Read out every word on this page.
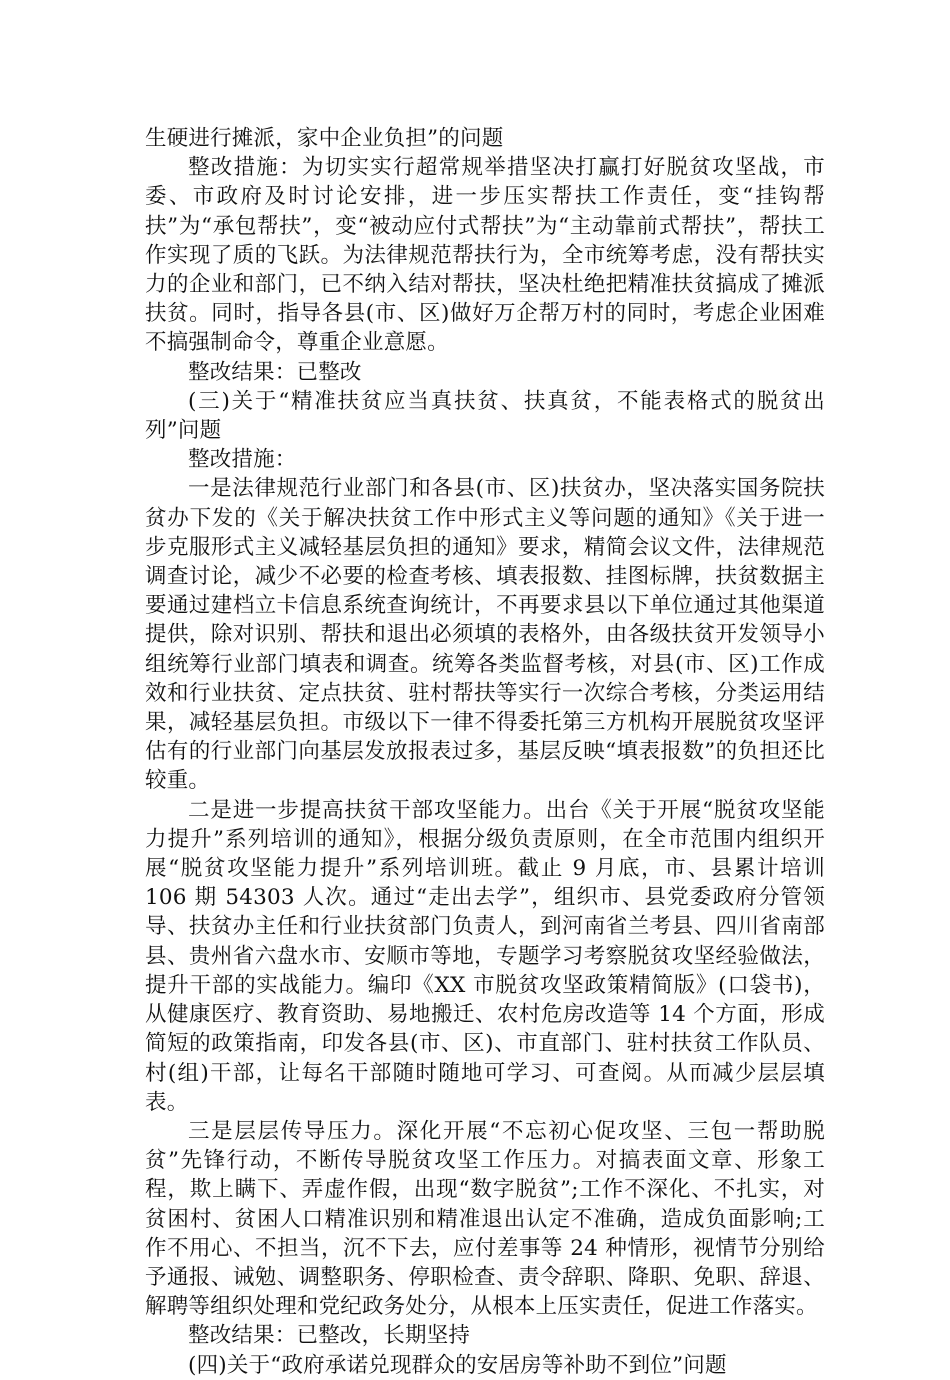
生硬进行摊派，家中企业负担”的问题

整改措施：为切实实行超常规举措坚决打赢打好脱贫攻坚战，市委、市政府及时讨论安排，进一步压实帮扶工作责任，变“挂钩帮扶”为“承包帮扶”，变“被动应付式帮扶”为“主动靠前式帮扶”，帮扶工作实现了质的飞跃。为法律规范帮扶行为，全市统筹考虑，没有帮扶实力的企业和部门，已不纳入结对帮扶，坚决杜绝把精准扶贫搞成了摊派扶贫。同时，指导各县(市、区)做好万企帮万村的同时，考虑企业困难不搞强制命令，尊重企业意愿。

整改结果：已整改

(三)关于“精准扶贫应当真扶贫、扶真贫，不能表格式的脱贫出列”问题

整改措施：

一是法律规范行业部门和各县(市、区)扶贫办，坚决落实国务院扶贫办下发的《关于解决扶贫工作中形式主义等问题的通知》《关于进一步克服形式主义减轻基层负担的通知》要求，精简会议文件，法律规范调查讨论，减少不必要的检查考核、填表报数、挂图标牌，扶贫数据主要通过建档立卡信息系统查询统计，不再要求县以下单位通过其他渠道提供，除对识别、帮扶和退出必须填的表格外，由各级扶贫开发领导小组统筹行业部门填表和调查。统筹各类监督考核，对县(市、区)工作成效和行业扶贫、定点扶贫、驻村帮扶等实行一次综合考核，分类运用结果，减轻基层负担。市级以下一律不得委托第三方机构开展脱贫攻坚评估有的行业部门向基层发放报表过多，基层反映“填表报数”的负担还比较重。

二是进一步提高扶贫干部攻坚能力。出台《关于开展“脱贫攻坚能力提升”系列培训的通知》，根据分级负责原则，在全市范围内组织开展“脱贫攻坚能力提升”系列培训班。截止 9 月底，市、县累计培训 106 期 54303 人次。通过“走出去学”，组织市、县党委政府分管领导、扶贫办主任和行业扶贫部门负责人，到河南省兰考县、四川省南部县、贵州省六盘水市、安顺市等地，专题学习考察脱贫攻坚经验做法，提升干部的实战能力。编印《XX 市脱贫攻坚政策精简版》(口袋书)，从健康医疗、教育资助、易地搬迁、农村危房改造等 14 个方面，形成简短的政策指南，印发各县(市、区)、市直部门、驻村扶贫工作队员、村(组)干部，让每名干部随时随地可学习、可查阅。从而减少层层填表。

三是层层传导压力。深化开展“不忘初心促攻坚、三包一帮助脱贫”先锋行动，不断传导脱贫攻坚工作压力。对搞表面文章、形象工程，欺上瞒下、弄虚作假，出现“数字脱贫”;工作不深化、不扎实，对贫困村、贫困人口精准识别和精准退出认定不准确，造成负面影响;工作不用心、不担当，沉不下去，应付差事等 24 种情形，视情节分别给予通报、诫勉、调整职务、停职检查、责令辞职、降职、免职、辞退、解聘等组织处理和党纪政务处分，从根本上压实责任，促进工作落实。

整改结果：已整改，长期坚持

(四)关于“政府承诺兑现群众的安居房等补助不到位”问题
